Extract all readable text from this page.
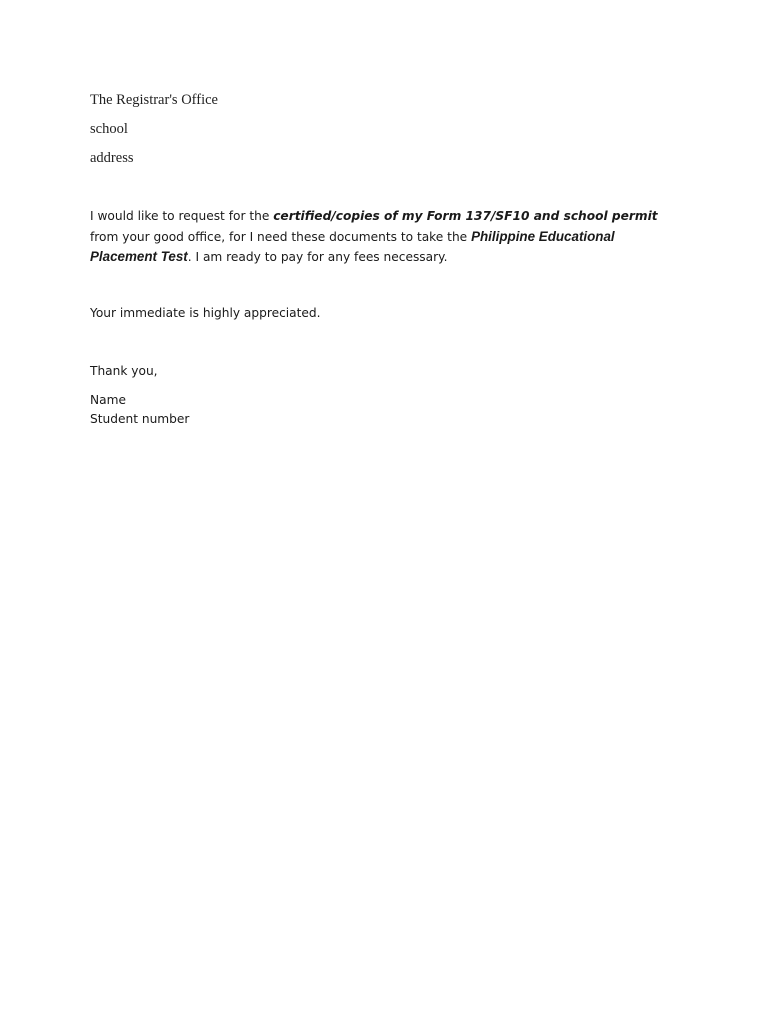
The Registrar's Office

school

address

I would like to request for the certified/copies of my Form 137/SF10 and school permit from your good office, for I need these documents to take the Philippine Educational Placement Test. I am ready to pay for any fees necessary.

Your immediate is highly appreciated.

Thank you,

Name

Student number
